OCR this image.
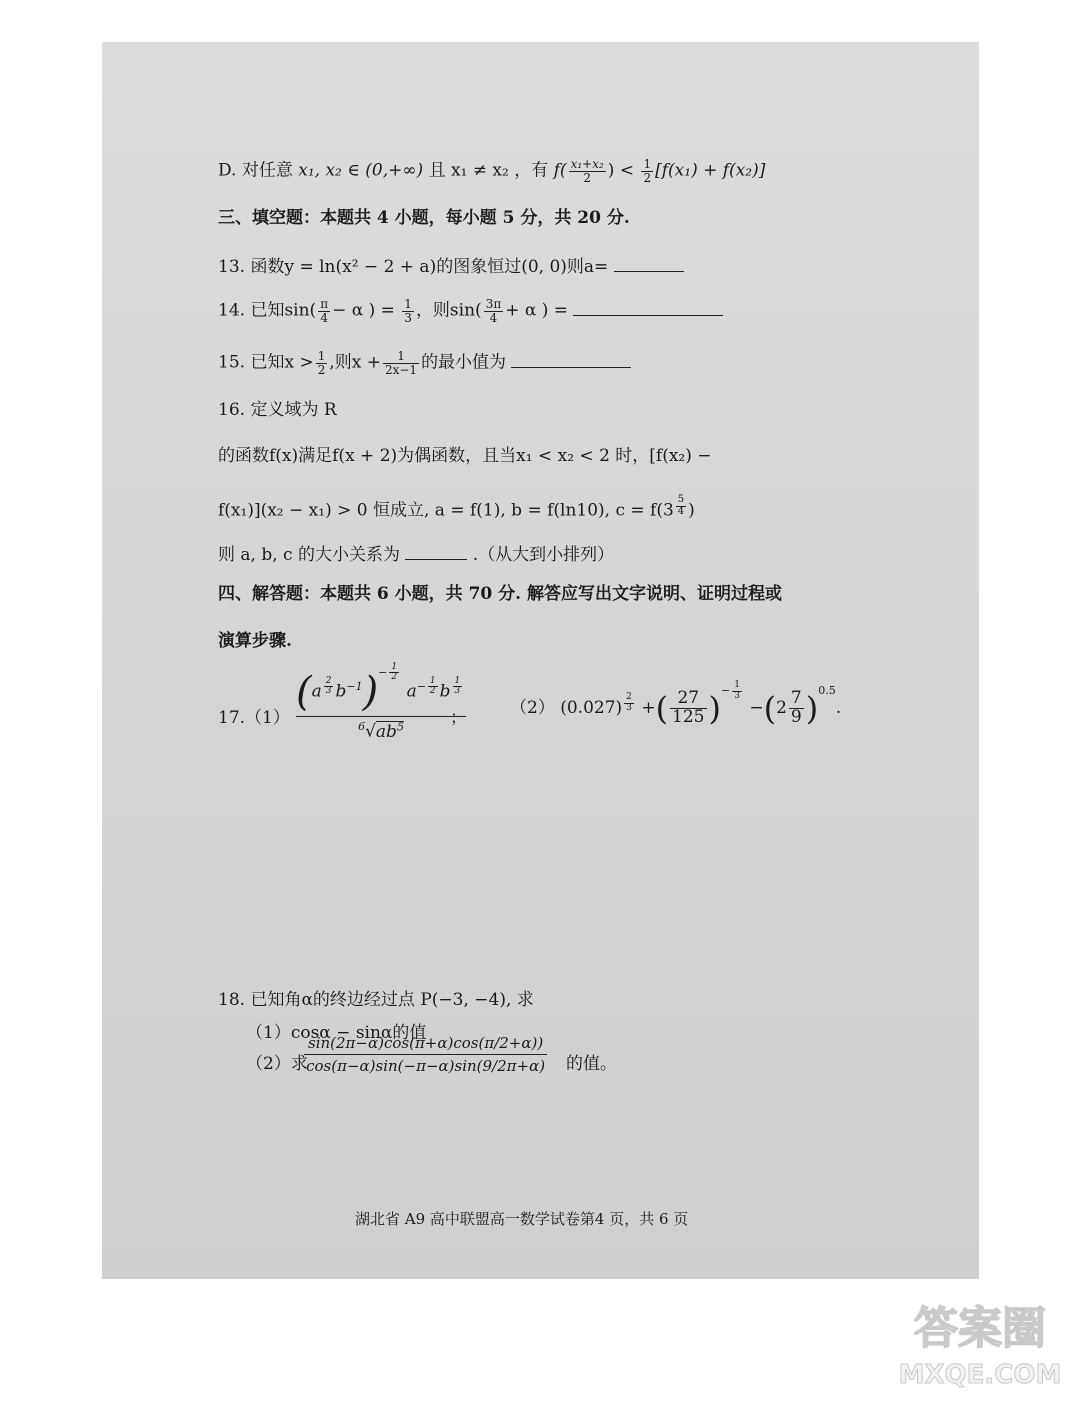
D. 对任意 x₁, x₂ ∈ (0,+∞) 且 x₁ ≠ x₂ ，有 $f( \frac{\text{x₁+x₂}}{2}$ ) < $\frac{1}{2} [f(x_1) + f(x_2)]$
三、填空题：本题共 4 小题，每小题 5 分，共 20 分.
13. 函数y = ln(x² − 2 + a)的图象恒过(0, 0)则a=
14. 已知$\sin( \frac{\pi}{4} - \alpha$ ) = $\frac{1}{3}$ ，则$\sin( \frac{3\pi}{4} + \alpha$ ) =
15. 已知$x > \frac{1}{2}$ ,则$x + \frac{1}{2x-1}$ 的最小值为
16. 定义域为 R
的函数f(x)满足f(x + 2)为偶函数，且当x₁ < x₂ < 2 时，[f(x₂) −
f(x₁)](x₂ − x₁) > 0 恒成立, a = f(1), b = f(ln10), c = f(3 $^{\frac{5}{4}}$ )
则 a, b, c 的大小关系为	.（从大到小排列）
四、解答题：本题共 6 小题，共 70 分. 解答应写出文字说明、证明过程或
演算步骤.
17.（1）
(a $^{\frac{2}{3}}$ $b^{-1})^{- \frac{1}{2}}$
$a^{- \frac{1}{2}}$ b $^{\frac{1}{3}}$
$^6√ab^5$	；
（2） (0.027) $^{\frac{2}{3}}$ +( $\frac{27}{125} )^{- \frac{1}{3}}$
$-(2 \frac{7}{9} )^{0.5}$.
18. 已知角α的终边经过点 P(−3, −4), 求
（1）cosα − sinα的值
（2）求
$\frac{\sin(2\pi-\alpha)\cos(\pi+\alpha)\cos(\pi/2+\alpha))}{\cos(\pi-\alpha)\sin(-\pi-\alpha)\sin(9/2\pi+\alpha)}$ 的值。
湖北省 A9 高中联盟高一数学试卷第4 页，共 6 页
答案圈
MXQE.COM
